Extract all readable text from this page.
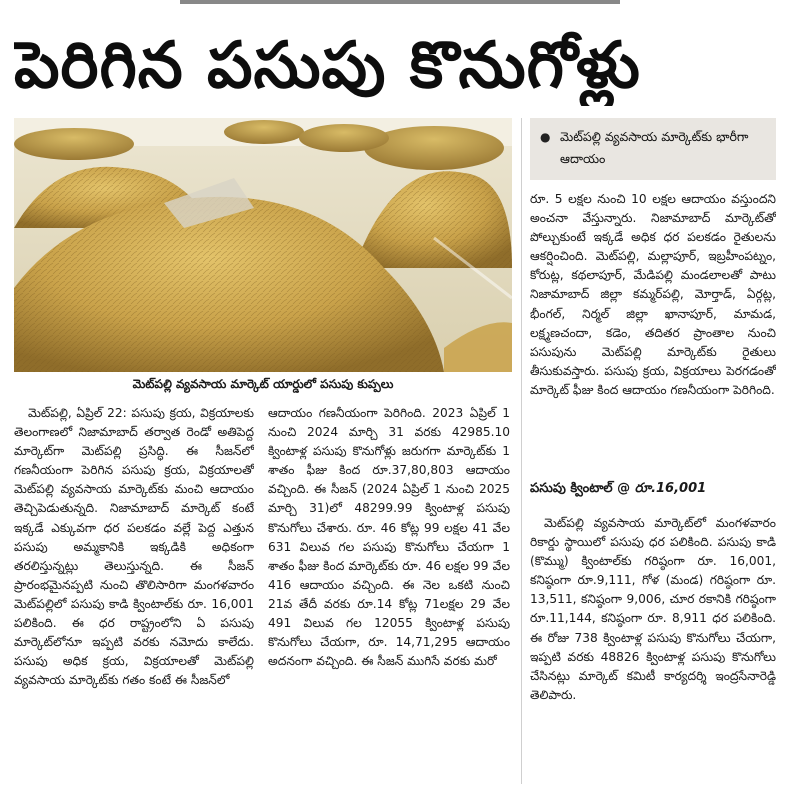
పెరిగిన పసుపు కొనుగోళ్లు
మెట్‌పల్లి వ్యవసాయ మార్కెట్ యార్డులో పసుపు కుప్పలు
● మెట్‌పల్లి వ్యవసాయ మార్కెట్‌కు భారీగా ఆదాయం

రూ. 5 లక్షల నుంచి 10 లక్షల ఆదాయం వస్తుందని అంచనా వేస్తున్నారు. నిజామాబాద్ మార్కెట్‌తో పోల్చుకుంటే ఇక్కడే అధిక ధర పలకడం రైతులను ఆకర్షించింది. మెట్‌పల్లి, మల్లాపూర్, ఇబ్రహీంపట్నం, కోరుట్ల, కథలాపూర్, మేడిపల్లి మండలాలతో పాటు నిజామాబాద్ జిల్లా కమ్మర్‌పల్లి, మోర్తాడ్, ఏర్గట్ల, భీంగల్, నిర్మల్ జిల్లా ఖానాపూర్, మామడ, లక్ష్మణచందా, కడెం, తదితర ప్రాంతాల నుంచి పసుపును మెట్‌పల్లి మార్కెట్‌కు రైతులు తీసుకువస్తారు. పసుపు క్రయ, విక్రయాలు పెరగడంతో మార్కెట్ ఫీజు కింద ఆదాయం గణనీయంగా పెరిగింది.

పసుపు క్వింటాల్ @ రూ.16,001

మెట్‌పల్లి వ్యవసాయ మార్కెట్‌లో మంగళవారం రికార్డు స్థాయిలో పసుపు ధర పలికింది. పసుపు కాడి (కొమ్ము) క్వింటాల్‌కు గరిష్ఠంగా రూ. 16,001, కనిష్ఠంగా రూ.9,111, గోళ (మండ) గరిష్ఠంగా రూ. 13,511, కనిష్ఠంగా 9,006, చూర రకానికి గరిష్ఠంగా రూ.11,144, కనిష్ఠంగా రూ. 8,911 ధర పలికింది. ఈ రోజు 738 క్వింటాళ్ల పసుపు కొనుగోలు చేయగా, ఇప్పటి వరకు 48826 క్వింటాళ్ల పసుపు కొనుగోలు చేసినట్లు మార్కెట్ కమిటీ కార్యదర్శి ఇంద్రసేనారెడ్డి తెలిపారు.

మెట్‌పల్లి, ఏప్రిల్ 22: పసుపు క్రయ, విక్రయాలకు తెలంగాణలో నిజామాబాద్ తర్వాత రెండో అతిపెద్ద మార్కెట్‌గా మెట్‌పల్లి ప్రసిద్ధి. ఈ సీజన్‌లో గణనీయంగా పెరిగిన పసుపు క్రయ, విక్రయాలతో మెట్‌పల్లి వ్యవసాయ మార్కెట్‌కు మంచి ఆదాయం తెచ్చిపెడుతున్నది. నిజామాబాద్ మార్కెట్ కంటే ఇక్కడే ఎక్కువగా ధర పలకడం వల్లే పెద్ద ఎత్తున పసుపు అమ్మకానికి ఇక్కడికి అధికంగా తరలిస్తున్నట్లు తెలుస్తున్నది. ఈ సీజన్ ప్రారంభమైనప్పటి నుంచి తొలిసారిగా మంగళవారం మెట్‌పల్లిలో పసుపు కాడి క్వింటాల్‌కు రూ. 16,001 పలికింది. ఈ ధర రాష్ట్రంలోని ఏ పసుపు మార్కెట్‌లోనూ ఇప్పటి వరకు నమోదు కాలేదు. పసుపు అధిక క్రయ, విక్రయాలతో మెట్‌పల్లి వ్యవసాయ మార్కెట్‌కు గతం కంటే ఈ సీజన్‌లో

ఆదాయం గణనీయంగా పెరిగింది. 2023 ఏప్రిల్ 1 నుంచి 2024 మార్చి 31 వరకు 42985.10 క్వింటాళ్ల పసుపు కొనుగోళ్లు జరుగగా మార్కెట్‌కు 1 శాతం ఫీజు కింద రూ.37,80,803 ఆదాయం వచ్చింది. ఈ సీజన్ (2024 ఏప్రిల్ 1 నుంచి 2025 మార్చి 31)లో 48299.99 క్వింటాళ్ల పసుపు కొనుగోలు చేశారు. రూ. 46 కోట్ల 99 లక్షల 41 వేల 631 విలువ గల పసుపు కొనుగోలు చేయగా 1 శాతం ఫీజు కింద మార్కెట్‌కు రూ. 46 లక్షల 99 వేల 416 ఆదాయం వచ్చింది. ఈ నెల ఒకటి నుంచి 21వ తేదీ వరకు రూ.14 కోట్ల 71లక్షల 29 వేల 491 విలువ గల 12055 క్వింటాళ్ల పసుపు కొనుగోలు చేయగా, రూ. 14,71,295 ఆదాయం అదనంగా వచ్చింది. ఈ సీజన్ ముగిసే వరకు మరో
